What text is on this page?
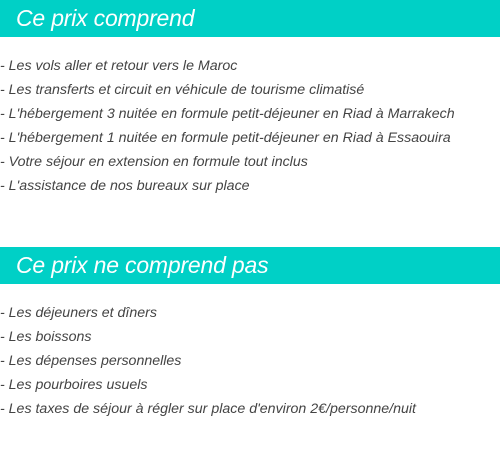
Ce prix comprend
- Les vols aller et retour vers le Maroc
- Les transferts et circuit en véhicule de tourisme climatisé
- L'hébergement 3 nuitée en formule petit-déjeuner en Riad à Marrakech
- L'hébergement 1 nuitée en formule petit-déjeuner en Riad à Essaouira
- Votre séjour en extension en formule tout inclus
- L'assistance de nos bureaux sur place
Ce prix ne comprend pas
- Les déjeuners et dîners
- Les boissons
- Les dépenses personnelles
- Les pourboires usuels
- Les taxes de séjour à régler sur place d'environ 2€/personne/nuit
